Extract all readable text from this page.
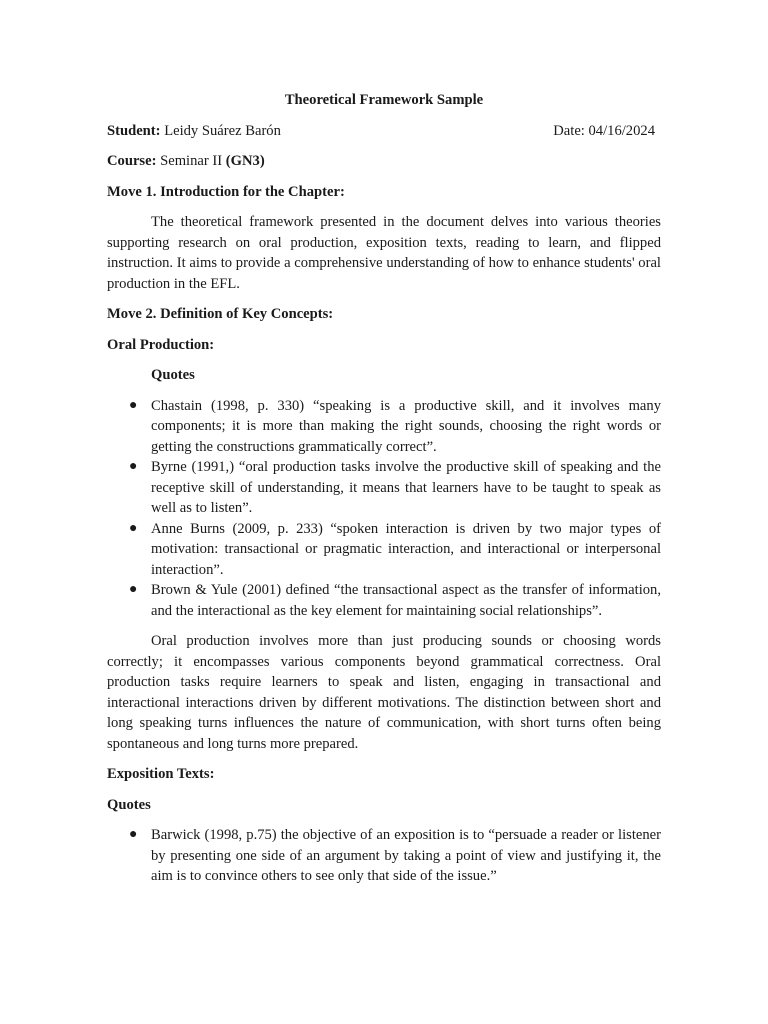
Theoretical Framework Sample

Student: Leidy Suárez Barón	Date: 04/16/2024

Course: Seminar II (GN3)

Move 1. Introduction for the Chapter:

The theoretical framework presented in the document delves into various theories supporting research on oral production, exposition texts, reading to learn, and flipped instruction. It aims to provide a comprehensive understanding of how to enhance students' oral production in the EFL.

Move 2. Definition of Key Concepts:

Oral Production:

Quotes

● Chastain (1998, p. 330) “speaking is a productive skill, and it involves many components; it is more than making the right sounds, choosing the right words or getting the constructions grammatically correct”.
● Byrne (1991,) “oral production tasks involve the productive skill of speaking and the receptive skill of understanding, it means that learners have to be taught to speak as well as to listen”.
● Anne Burns (2009, p. 233) “spoken interaction is driven by two major types of motivation: transactional or pragmatic interaction, and interactional or interpersonal interaction”.
● Brown & Yule (2001) defined “the transactional aspect as the transfer of information, and the interactional as the key element for maintaining social relationships”.

Oral production involves more than just producing sounds or choosing words correctly; it encompasses various components beyond grammatical correctness. Oral production tasks require learners to speak and listen, engaging in transactional and interactional interactions driven by different motivations. The distinction between short and long speaking turns influences the nature of communication, with short turns often being spontaneous and long turns more prepared.

Exposition Texts:

Quotes

● Barwick (1998, p.75) the objective of an exposition is to “persuade a reader or listener by presenting one side of an argument by taking a point of view and justifying it, the aim is to convince others to see only that side of the issue.”
